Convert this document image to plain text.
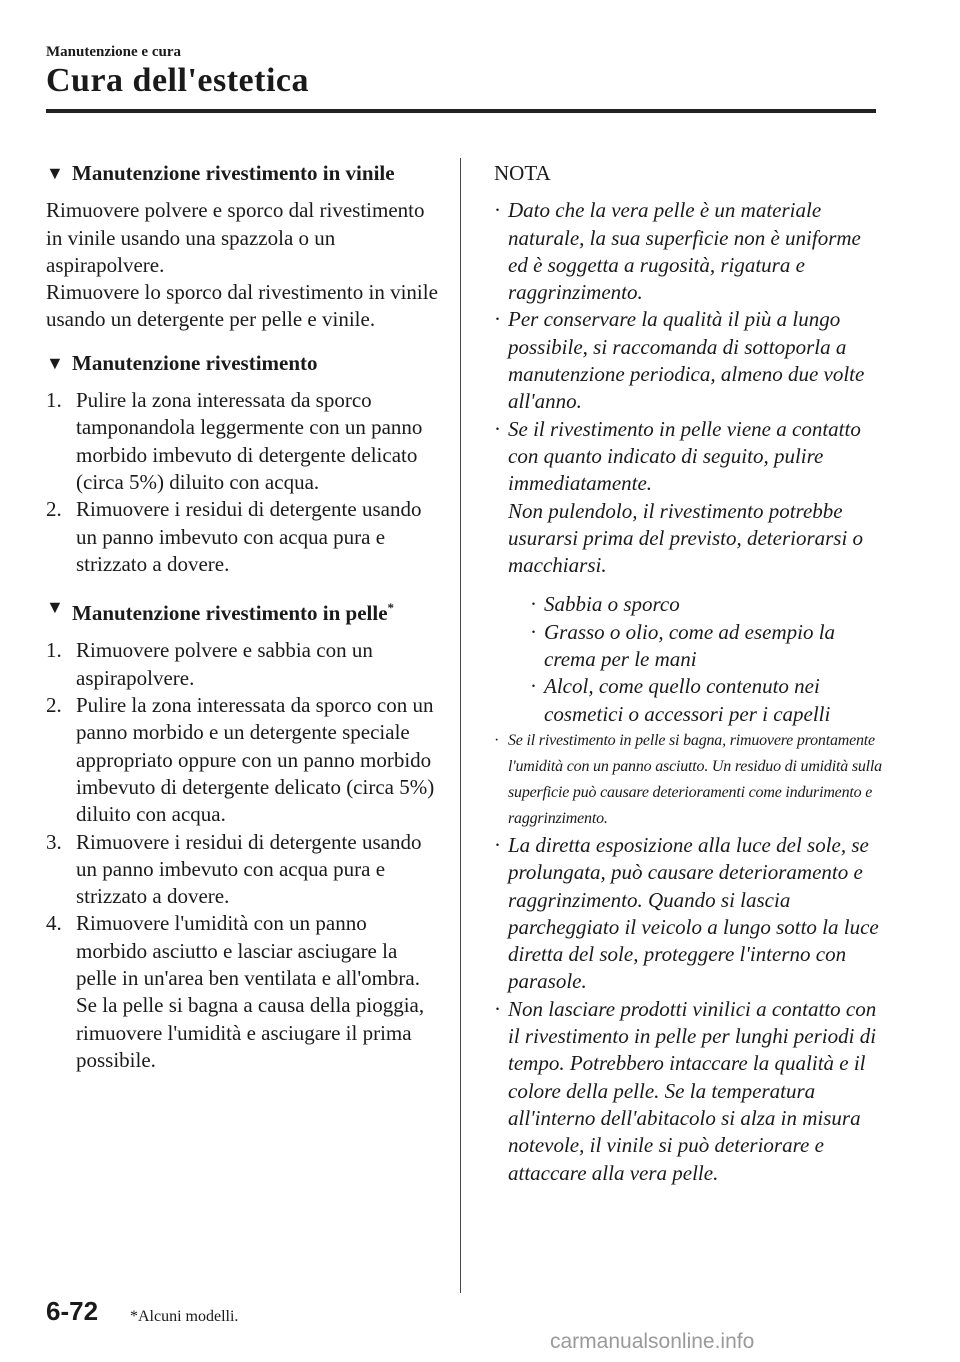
Manutenzione e cura
Cura dell'estetica
▼ Manutenzione rivestimento in vinile

Rimuovere polvere e sporco dal rivestimento in vinile usando una spazzola o un aspirapolvere.

Rimuovere lo sporco dal rivestimento in vinile usando un detergente per pelle e vinile.

▼ Manutenzione rivestimento
1. Pulire la zona interessata da sporco tamponandola leggermente con un panno morbido imbevuto di detergente delicato (circa 5%) diluito con acqua.
2. Rimuovere i residui di detergente usando un panno imbevuto con acqua pura e strizzato a dovere.
▼ Manutenzione rivestimento in pelle*
1. Rimuovere polvere e sabbia con un aspirapolvere.
2. Pulire la zona interessata da sporco con un panno morbido e un detergente speciale appropriato oppure con un panno morbido imbevuto di detergente delicato (circa 5%) diluito con acqua.
3. Rimuovere i residui di detergente usando un panno imbevuto con acqua pura e strizzato a dovere.
4. Rimuovere l'umidità con un panno morbido asciutto e lasciar asciugare la pelle in un'area ben ventilata e all'ombra. Se la pelle si bagna a causa della pioggia, rimuovere l'umidità e asciugare il prima possibile.
NOTA
· Dato che la vera pelle è un materiale naturale, la sua superficie non è uniforme ed è soggetta a rugosità, rigatura e raggrinzimento.
· Per conservare la qualità il più a lungo possibile, si raccomanda di sottoporla a manutenzione periodica, almeno due volte all'anno.
· Se il rivestimento in pelle viene a contatto con quanto indicato di seguito, pulire immediatamente.
Non pulendolo, il rivestimento potrebbe usurarsi prima del previsto, deteriorarsi o macchiarsi.
· Sabbia o sporco
· Grasso o olio, come ad esempio la crema per le mani
· Alcol, come quello contenuto nei cosmetici o accessori per i capelli
· Se il rivestimento in pelle si bagna, rimuovere prontamente l'umidità con un panno asciutto. Un residuo di umidità sulla superficie può causare deterioramenti come indurimento e raggrinzimento.
· La diretta esposizione alla luce del sole, se prolungata, può causare deterioramento e raggrinzimento. Quando si lascia parcheggiato il veicolo a lungo sotto la luce diretta del sole, proteggere l'interno con parasole.
· Non lasciare prodotti vinilici a contatto con il rivestimento in pelle per lunghi periodi di tempo. Potrebbero intaccare la qualità e il colore della pelle. Se la temperatura all'interno dell'abitacolo si alza in misura notevole, il vinile si può deteriorare e attaccare alla vera pelle.
6-72 *Alcuni modelli.
carmanualsonline.info
